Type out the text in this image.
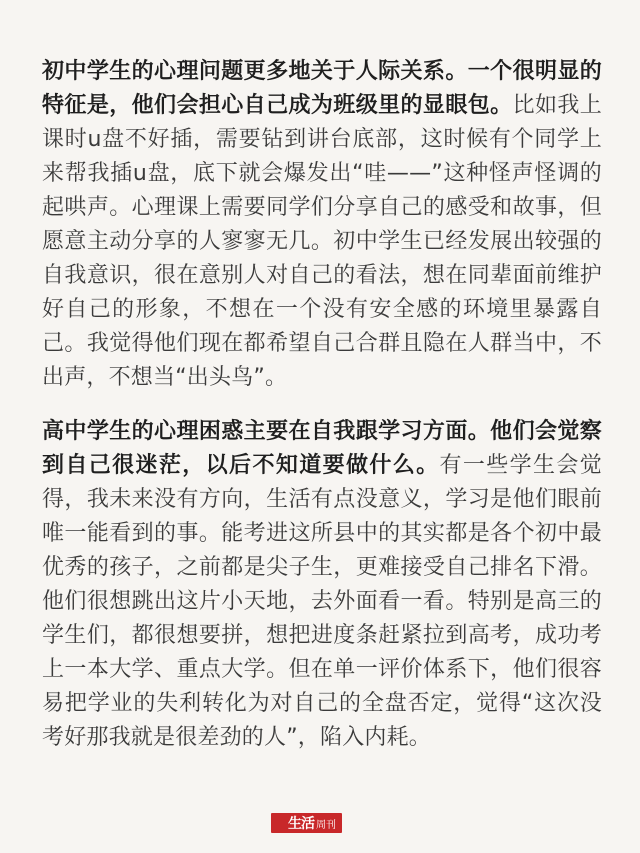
初中学生的心理问题更多地关于人际关系。一个很明显的特征是，他们会担心自己成为班级里的显眼包。比如我上课时u盘不好插，需要钻到讲台底部，这时候有个同学上来帮我插u盘，底下就会爆发出“哇——”这种怪声怪调的起哄声。心理课上需要同学们分享自己的感受和故事，但愿意主动分享的人寥寥无几。初中学生已经发展出较强的自我意识，很在意别人对自己的看法，想在同辈面前维护好自己的形象，不想在一个没有安全感的环境里暴露自己。我觉得他们现在都希望自己合群且隐在人群当中，不出声，不想当“出头鸟”。

高中学生的心理困惑主要在自我跟学习方面。他们会觉察到自己很迷茫，以后不知道要做什么。有一些学生会觉得，我未来没有方向，生活有点没意义，学习是他们眼前唯一能看到的事。能考进这所县中的其实都是各个初中最优秀的孩子，之前都是尖子生，更难接受自己排名下滑。他们很想跳出这片小天地，去外面看一看。特别是高三的学生们，都很想要拼，想把进度条赶紧拉到高考，成功考上一本大学、重点大学。但在单一评价体系下，他们很容易把学业的失利转化为对自己的全盘否定，觉得“这次没考好那我就是很差劲的人”，陷入内耗。

生活 周刊
